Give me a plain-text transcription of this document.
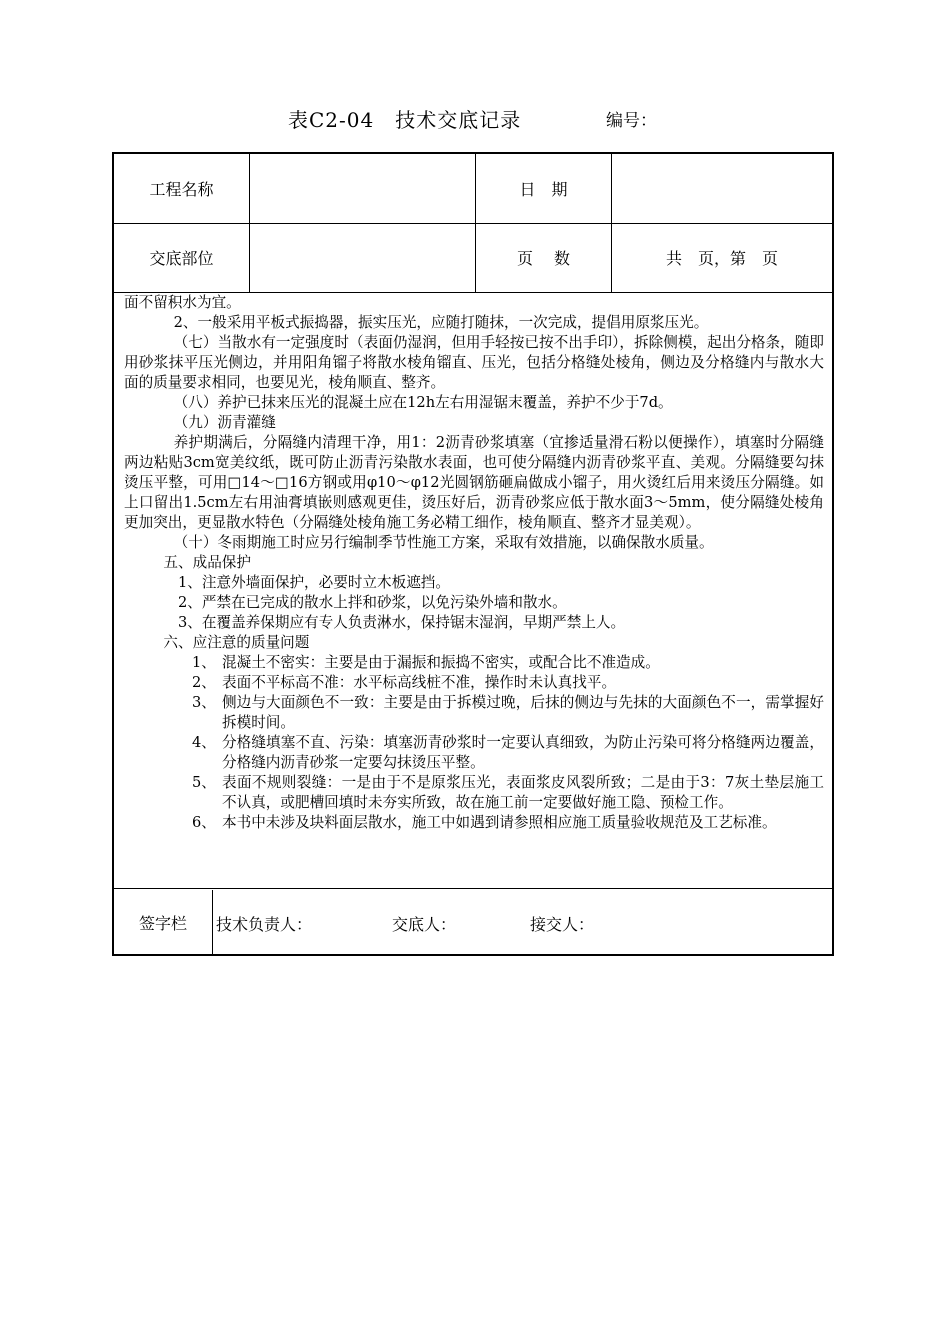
表C2-04　技术交底记录	编号：
工程名称	日　期
交底部位	页　 数	共　页，第　页

面不留积水为宜。

2、一般采用平板式振捣器，振实压光，应随打随抹，一次完成，提倡用原浆压光。

（七）当散水有一定强度时（表面仍湿润，但用手轻按已按不出手印），拆除侧模，起出分格条，随即用砂浆抹平压光侧边，并用阳角镏子将散水棱角镏直、压光，包括分格缝处棱角，侧边及分格缝内与散水大面的质量要求相同，也要见光，棱角顺直、整齐。

（八）养护已抹来压光的混凝土应在12h左右用湿锯末覆盖，养护不少于7d。

（九）沥青灌缝

养护期满后，分隔缝内清理干净，用1：2沥青砂浆填塞（宜掺适量滑石粉以便操作），填塞时分隔缝两边粘贴3cm宽美纹纸，既可防止沥青污染散水表面，也可使分隔缝内沥青砂浆平直、美观。分隔缝要勾抹烫压平整，可用□14～□16方钢或用φ10～φ12光圆钢筋砸扁做成小镏子，用火烫红后用来烫压分隔缝。如上口留出1.5cm左右用油膏填嵌则感观更佳，烫压好后，沥青砂浆应低于散水面3～5mm，使分隔缝处棱角更加突出，更显散水特色（分隔缝处棱角施工务必精工细作，棱角顺直、整齐才显美观）。

（十）冬雨期施工时应另行编制季节性施工方案，采取有效措施，以确保散水质量。

五、成品保护

1、注意外墙面保护，必要时立木板遮挡。

2、严禁在已完成的散水上拌和砂浆，以免污染外墙和散水。

3、在覆盖养保期应有专人负责淋水，保持锯末湿润，早期严禁上人。

六、应注意的质量问题

1、 混凝土不密实：主要是由于漏振和振捣不密实，或配合比不准造成。
2、 表面不平标高不准：水平标高线桩不准，操作时未认真找平。
3、 侧边与大面颜色不一致：主要是由于拆模过晚，后抹的侧边与先抹的大面颜色不一，需掌握好拆模时间。
4、 分格缝填塞不直、污染：填塞沥青砂浆时一定要认真细致，为防止污染可将分格缝两边覆盖，分格缝内沥青砂浆一定要勾抹烫压平整。
5、 表面不规则裂缝：一是由于不是原浆压光，表面浆皮风裂所致；二是由于3：7灰土垫层施工不认真，或肥槽回填时未夯实所致，故在施工前一定要做好施工隐、预检工作。
6、 本书中未涉及块料面层散水，施工中如遇到请参照相应施工质量验收规范及工艺标准。
签字栏	技术负责人：	交底人：	接交人：
